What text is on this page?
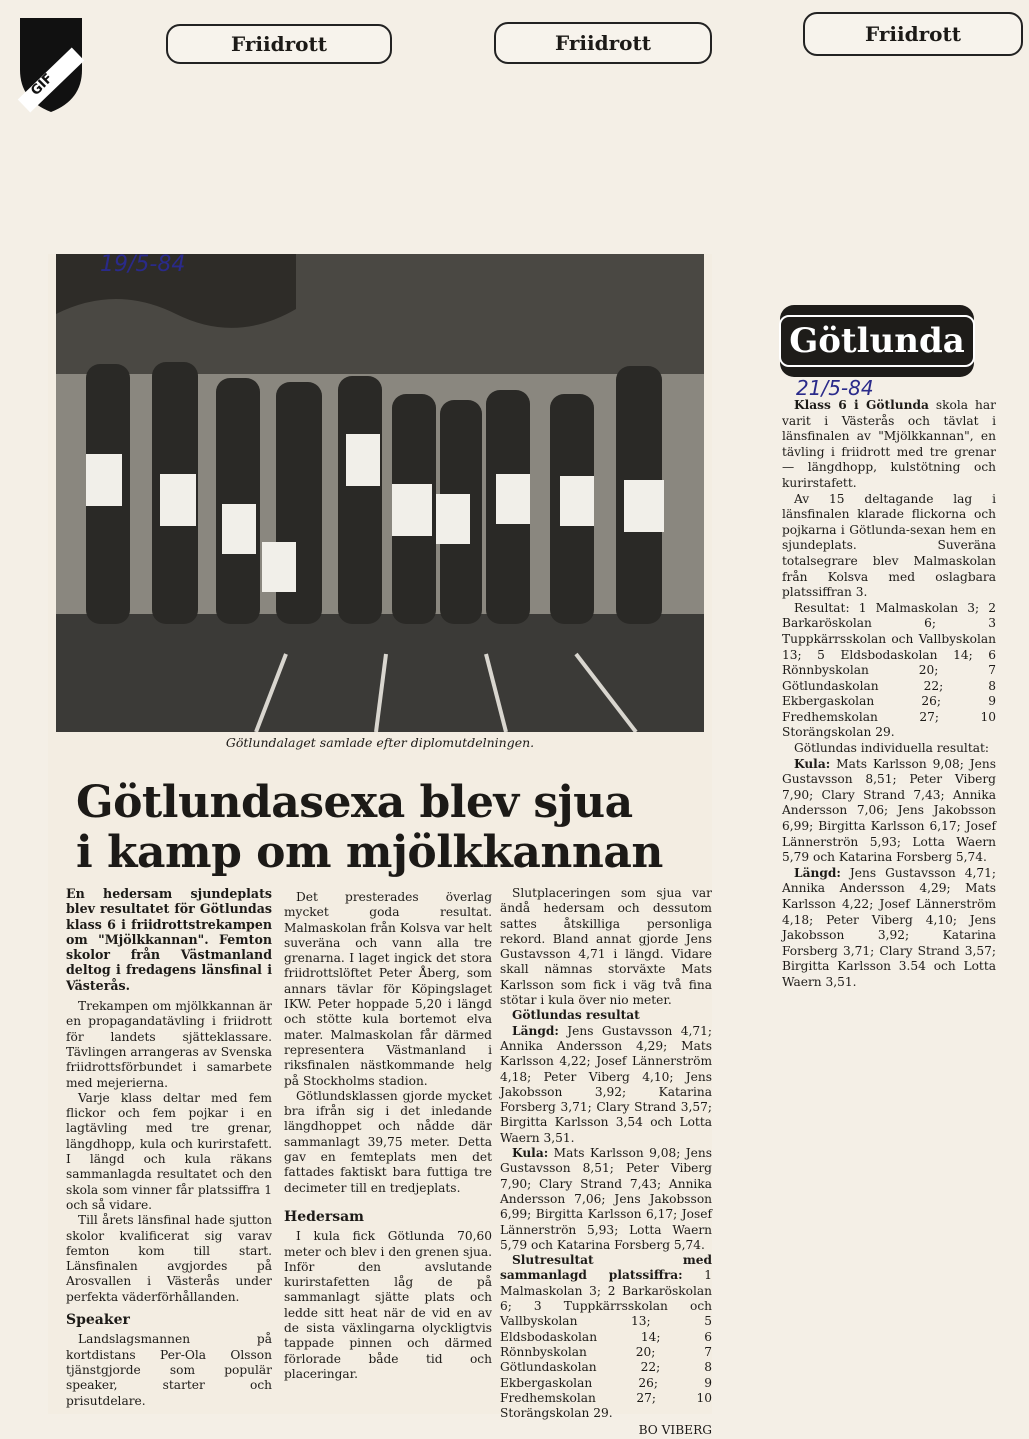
GIF
Friidrott	Friidrott	Friidrott
19/5-84
Götlundalaget samlade efter diplomutdelningen.
Götlundasexa blev sjua
i kamp om mjölkkannan

En hedersam sjundeplats blev resultatet för Götlundas klass 6 i friidrottstrekampen om "Mjölkkannan". Femton skolor från Västmanland deltog i fredagens länsfinal i Västerås.

Trekampen om mjölkkannan är en propagandatävling i friidrott för landets sjätteklassare. Tävlingen arrangeras av Svenska friidrottsförbundet i samarbete med mejerierna.

Varje klass deltar med fem flickor och fem pojkar i en lagtävling med tre grenar, längdhopp, kula och kurirstafett. I längd och kula räkans sammanlagda resultatet och den skola som vinner får platssiffra 1 och så vidare.

Till årets länsfinal hade sjutton skolor kvalificerat sig varav femton kom till start. Länsfinalen avgjordes på Arosvallen i Västerås under perfekta väderförhållanden.

Speaker

Landslagsmannen på kortdistans Per-Ola Olsson tjänstgjorde som populär speaker, starter och prisutdelare.

Det presterades överlag mycket goda resultat. Malmaskolan från Kolsva var helt suveräna och vann alla tre grenarna. I laget ingick det stora friidrottslöftet Peter Åberg, som annars tävlar för Köpingslaget IKW. Peter hoppade 5,20 i längd och stötte kula bortemot elva mater. Malmaskolan får därmed representera Västmanland i riksfinalen nästkommande helg på Stockholms stadion.

Götlundsklassen gjorde mycket bra ifrån sig i det inledande längdhoppet och nådde där sammanlagt 39,75 meter. Detta gav en femteplats men det fattades faktiskt bara futtiga tre decimeter till en tredjeplats.

Hedersam

I kula fick Götlunda 70,60 meter och blev i den grenen sjua. Inför den avslutande kurirstafetten låg de på sammanlagt sjätte plats och ledde sitt heat när de vid en av de sista växlingarna olyckligtvis tappade pinnen och därmed förlorade både tid och placeringar.

Slutplaceringen som sjua var ändå hedersam och dessutom sattes åtskilliga personliga rekord. Bland annat gjorde Jens Gustavsson 4,71 i längd. Vidare skall nämnas storväxte Mats Karlsson som fick i väg två fina stötar i kula över nio meter.

Götlundas resultat

Längd: Jens Gustavsson 4,71; Annika Andersson 4,29; Mats Karlsson 4,22; Josef Lännerström 4,18; Peter Viberg 4,10; Jens Jakobsson 3,92; Katarina Forsberg 3,71; Clary Strand 3,57; Birgitta Karlsson 3,54 och Lotta Waern 3,51.

Kula: Mats Karlsson 9,08; Jens Gustavsson 8,51; Peter Viberg 7,90; Clary Strand 7,43; Annika Andersson 7,06; Jens Jakobsson 6,99; Birgitta Karlsson 6,17; Josef Lännerströn 5,93; Lotta Waern 5,79 och Katarina Forsberg 5,74.

Slutresultat med sammanlagd platssiffra: 1 Malmaskolan 3; 2 Barkaröskolan 6; 3 Tuppkärrsskolan och Vallbyskolan 13; 5 Eldsbodaskolan 14; 6 Rönnbyskolan 20; 7 Götlundaskolan 22; 8 Ekbergaskolan 26; 9 Fredhemskolan 27; 10 Storängskolan 29.

BO VIBERG
Götlunda
21/5-84

Klass 6 i Götlunda skola har varit i Västerås och tävlat i länsfinalen av "Mjölkkannan", en tävling i friidrott med tre grenar — längdhopp, kulstötning och kurirstafett.

Av 15 deltagande lag i länsfinalen klarade flickorna och pojkarna i Götlunda-sexan hem en sjundeplats. Suveräna totalsegrare blev Malmaskolan från Kolsva med oslagbara platssiffran 3.

Resultat: 1 Malmaskolan 3; 2 Barkaröskolan 6; 3 Tuppkärrsskolan och Vallbyskolan 13; 5 Eldsbodaskolan 14; 6 Rönnbyskolan 20; 7 Götlundaskolan 22; 8 Ekbergaskolan 26; 9 Fredhemskolan 27; 10 Storängskolan 29.

Götlundas individuella resultat:

Kula: Mats Karlsson 9,08; Jens Gustavsson 8,51; Peter Viberg 7,90; Clary Strand 7,43; Annika Andersson 7,06; Jens Jakobsson 6,99; Birgitta Karlsson 6,17; Josef Lännerströn 5,93; Lotta Waern 5,79 och Katarina Forsberg 5,74.

Längd: Jens Gustavsson 4,71; Annika Andersson 4,29; Mats Karlsson 4,22; Josef Lännerström 4,18; Peter Viberg 4,10; Jens Jakobsson 3,92; Katarina Forsberg 3,71; Clary Strand 3,57; Birgitta Karlsson 3.54 och Lotta Waern 3,51.
